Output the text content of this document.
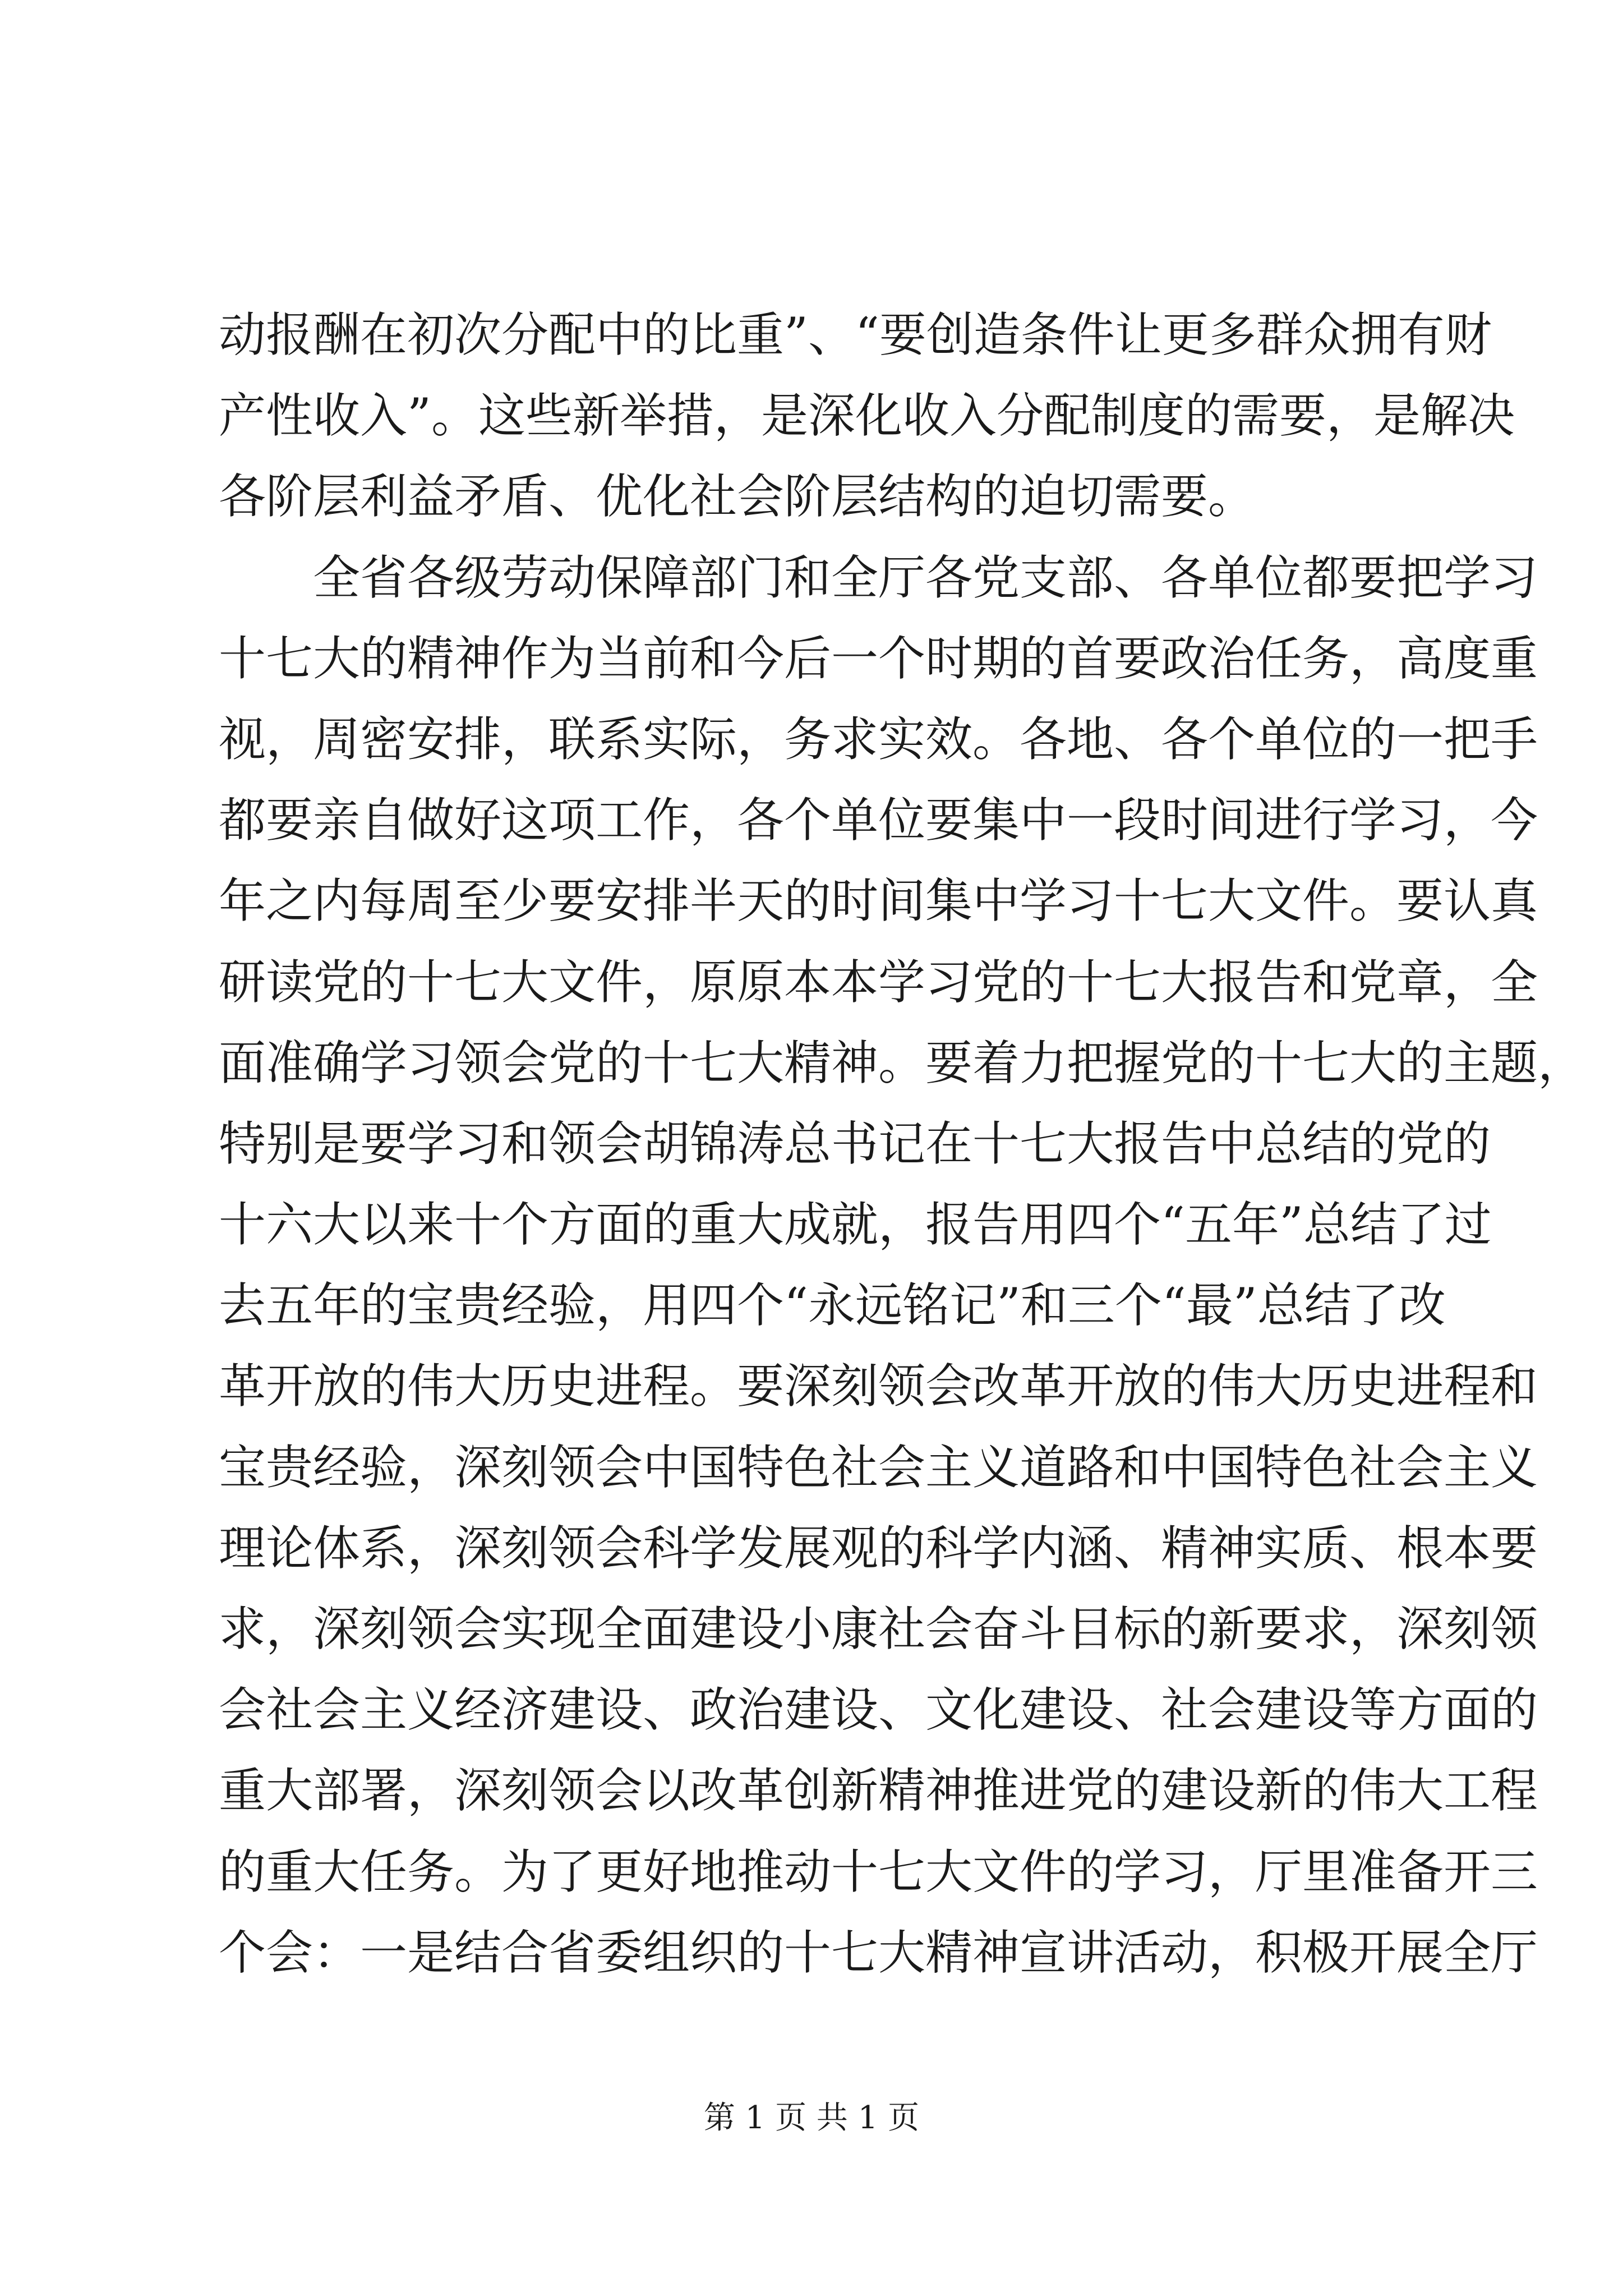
动报酬在初次分配中的比重”、“要创造条件让更多群众拥有财
产性收入”。这些新举措，是深化收入分配制度的需要，是解决
各阶层利益矛盾、优化社会阶层结构的迫切需要。
　　全省各级劳动保障部门和全厅各党支部、各单位都要把学习
十七大的精神作为当前和今后一个时期的首要政治任务，高度重
视，周密安排，联系实际，务求实效。各地、各个单位的一把手
都要亲自做好这项工作，各个单位要集中一段时间进行学习，今
年之内每周至少要安排半天的时间集中学习十七大文件。要认真
研读党的十七大文件，原原本本学习党的十七大报告和党章，全
面准确学习领会党的十七大精神。要着力把握党的十七大的主题，
特别是要学习和领会胡锦涛总书记在十七大报告中总结的党的
十六大以来十个方面的重大成就，报告用四个“五年”总结了过
去五年的宝贵经验，用四个“永远铭记”和三个“最”总结了改
革开放的伟大历史进程。要深刻领会改革开放的伟大历史进程和
宝贵经验，深刻领会中国特色社会主义道路和中国特色社会主义
理论体系，深刻领会科学发展观的科学内涵、精神实质、根本要
求，深刻领会实现全面建设小康社会奋斗目标的新要求，深刻领
会社会主义经济建设、政治建设、文化建设、社会建设等方面的
重大部署，深刻领会以改革创新精神推进党的建设新的伟大工程
的重大任务。为了更好地推动十七大文件的学习，厅里准备开三
个会：一是结合省委组织的十七大精神宣讲活动，积极开展全厅
第 1 页 共 1 页
